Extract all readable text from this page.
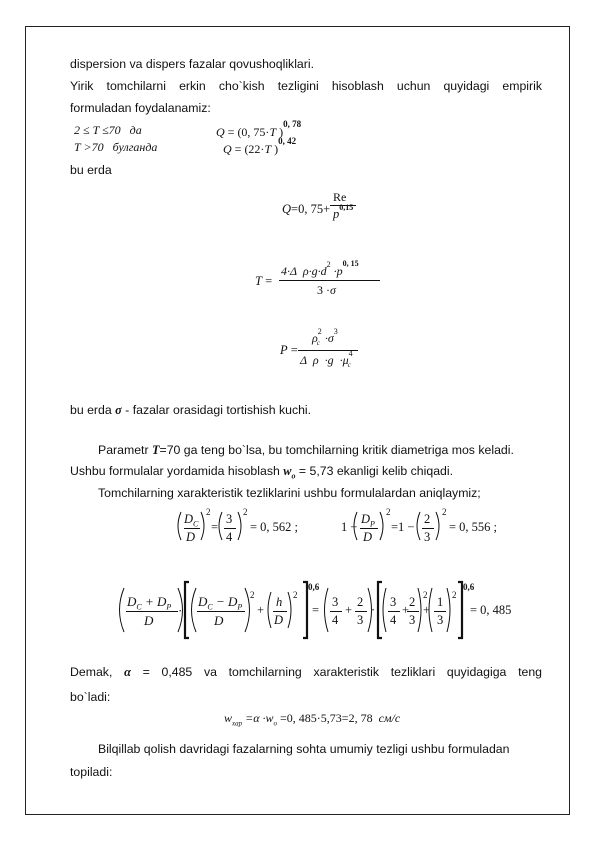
dispersion va dispers fazalar qovushoqliklari.
Yirik tomchilarni erkin cho`kish tezligini hisoblash uchun quyidagi empirik
formuladan foydalanamiz:
2 ≤ T ≤70   да	Q = (0, 75·T )$^{0, 78}$
T >70   булганда	Q = (22·T )$^{0, 42}$
bu erda
Q=0, 75+
Re
$p^{0,15}$
T =
4·Δ  $\rho\cdot g\cdot d^2 \cdot p^{0, 15}$
3 ·σ
P =
$\rho^2_c \cdot\sigma^3$
Δ  $\rho \cdot g \cdot\mu^4_c$
bu erda σ - fazalar orasidagi tortishish kuchi.
Parametr T=70 ga teng bo`lsa, bu tomchilarning kritik diametriga mos keladi.
Ushbu formulalar yordamida hisoblash $w_o = 5,73$ ekanligi kelib chiqadi.
Tomchilarning xarakteristik tezliklarini ushbu formulalardan aniqlaymiz;
$D_C$
D
2
=
3
4
2
= 0, 562 ;	1 −
$D_P$
D
2
=1 −
2
3
2
= 0, 556 ;
$D_C + D_P$
D
·
$D_C - D_P$
D
2
+
h
D
2
0,6
=
3
4
+
2
3
·
3
4
+
2
3
2
+
1
3
2
0,6
= 0, 485
Demak,  α  =  0,485  va  tomchilarning  xarakteristik  tezliklari  quyidagiga  teng
bo`ladi:
$w_{xap} =\alpha \cdot w_o =0$, 485·5,73=2, 78  см/с
Bilqillab qolish davridagi fazalarning sohta umumiy tezligi ushbu formuladan
topiladi:
